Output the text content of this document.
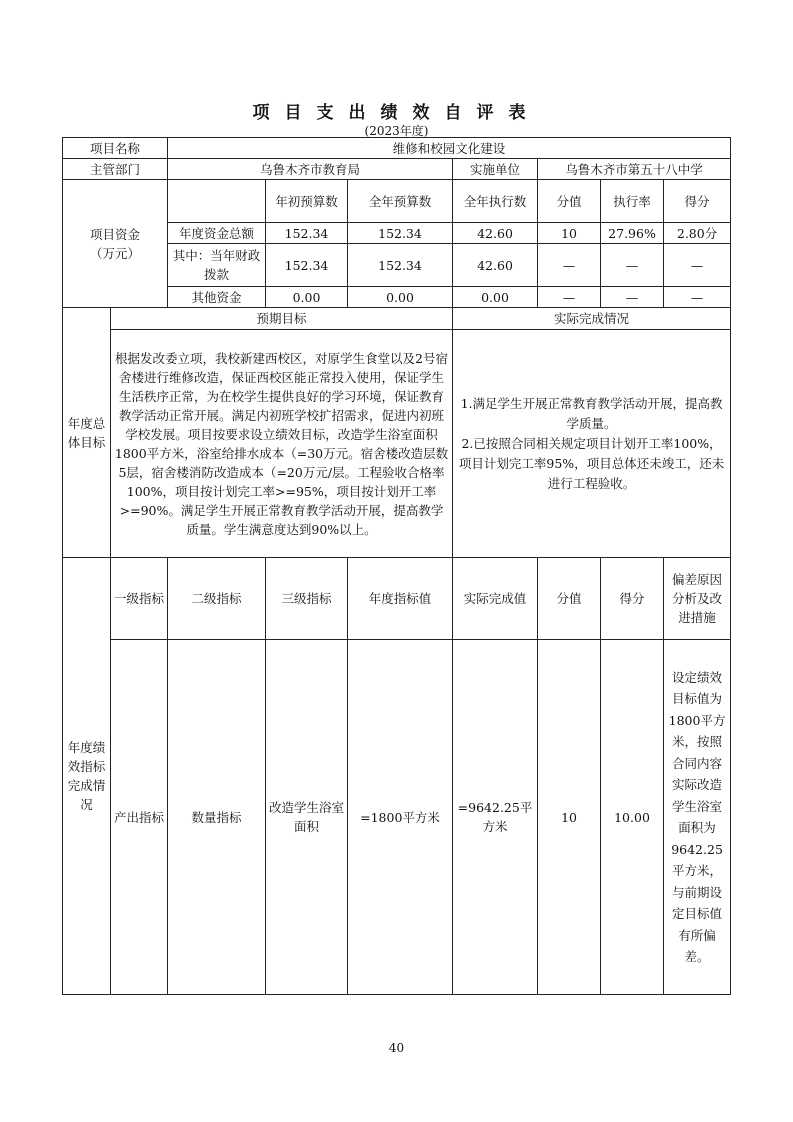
项目支出绩效自评表
(2023年度)
项目名称		维修和校园文化建设						
主管部门		乌鲁木齐市教育局			实施单位	乌鲁木齐市第五十八中学		
项目资金
（万元）			年初预算数	全年预算数	全年执行数	分值	执行率	得分
		年度资金总额	152.34	152.34	42.60	10	27.96%	2.80分
		其中：当年财政拨款	152.34	152.34	42.60	—	—	—
		其他资金	0.00	0.00	0.00	—	—	—
年度总体目标	预期目标				实际完成情况			
	根据发改委立项，我校新建西校区，对原学生食堂以及2号宿舍楼进行维修改造，保证西校区能正常投入使用，保证学生生活秩序正常，为在校学生提供良好的学习环境，保证教育教学活动正常开展。满足内初班学校扩招需求，促进内初班学校发展。项目按要求设立绩效目标，改造学生浴室面积1800平方米，浴室给排水成本（=30万元。宿舍楼改造层数5层，宿舍楼消防改造成本（=20万元/层。工程验收合格率100%，项目按计划完工率>=95%，项目按计划开工率>=90%。满足学生开展正常教育教学活动开展，提高教学质量。学生满意度达到90%以上。				1.满足学生开展正常教育教学活动开展，提高教学质量。
2.已按照合同相关规定项目计划开工率100%，项目计划完工率95%，项目总体还未竣工，还未进行工程验收。			
年度绩效指标完成情况	一级指标	二级指标	三级指标	年度指标值	实际完成值	分值	得分	偏差原因分析及改进措施
	产出指标	数量指标	改造学生浴室面积	=1800平方米	=9642.25平方米	10	10.00	设定绩效目标值为1800平方米，按照合同内容实际改造学生浴室面积为9642.25平方米，与前期设定目标值有所偏差。
40
